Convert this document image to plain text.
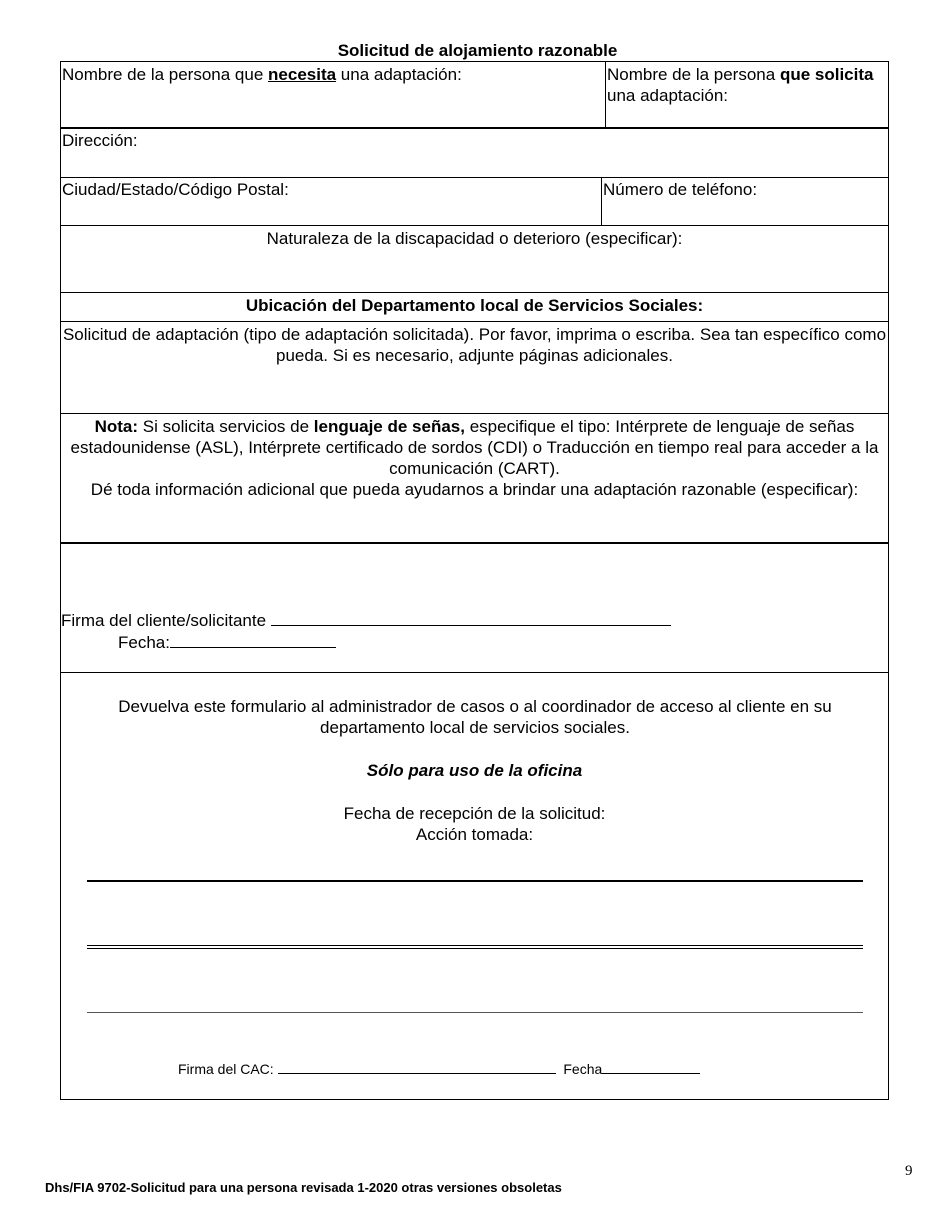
Solicitud de alojamiento razonable
Nombre de la persona que necesita una adaptación:	Nombre de la persona que solicita una adaptación:
Dirección:
Ciudad/Estado/Código Postal:	Número de teléfono:
Naturaleza de la discapacidad o deterioro (especificar):
Ubicación del Departamento local de Servicios Sociales:
Solicitud de adaptación (tipo de adaptación solicitada). Por favor, imprima o escriba. Sea tan específico como pueda. Si es necesario, adjunte páginas adicionales.
Nota: Si solicita servicios de lenguaje de señas, especifique el tipo: Intérprete de lenguaje de señas estadounidense (ASL), Intérprete certificado de sordos (CDI) o Traducción en tiempo real para acceder a la comunicación (CART).
Dé toda información adicional que pueda ayudarnos a brindar una adaptación razonable (especificar):
Firma del cliente/solicitante
Fecha:
Devuelva este formulario al administrador de casos o al coordinador de acceso al cliente en su departamento local de servicios sociales.
Sólo para uso de la oficina
Fecha de recepción de la solicitud:
Acción tomada:
Firma del CAC:	Fecha
9
Dhs/FIA 9702-Solicitud para una persona revisada 1-2020 otras versiones obsoletas
